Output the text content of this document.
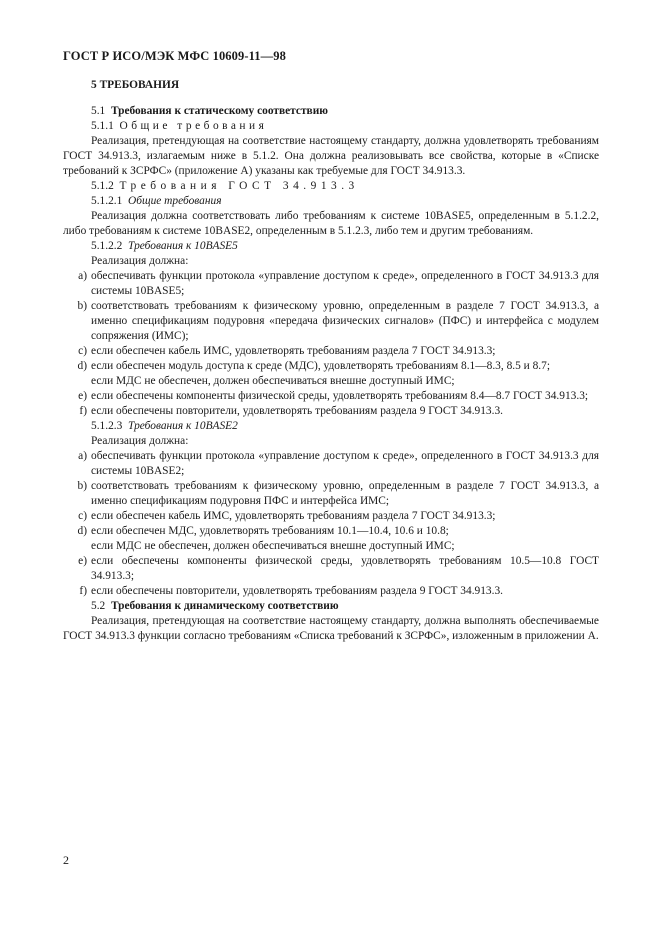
ГОСТ Р ИСО/МЭК МФС 10609-11—98

5 ТРЕБОВАНИЯ

5.1 Требования к статическому соответствию

5.1.1 Общие требования

Реализация, претендующая на соответствие настоящему стандарту, должна удовлетворять требованиям ГОСТ 34.913.3, излагаемым ниже в 5.1.2. Она должна реализовывать все свойства, которые в «Списке требований к ЗСРФС» (приложение А) указаны как требуемые для ГОСТ 34.913.3.

5.1.2 Требования ГОСТ 34.913.3

5.1.2.1 Общие требования

Реализация должна соответствовать либо требованиям к системе 10BASE5, определенным в 5.1.2.2, либо требованиям к системе 10BASE2, определенным в 5.1.2.3, либо тем и другим требованиям.

5.1.2.2 Требования к 10BASE5

Реализация должна:

а) обеспечивать функции протокола «управление доступом к среде», определенного в ГОСТ 34.913.3 для системы 10BASE5;
b) соответствовать требованиям к физическому уровню, определенным в разделе 7 ГОСТ 34.913.3, а именно спецификациям подуровня «передача физических сигналов» (ПФС) и интерфейса с модулем сопряжения (ИМС);
с) если обеспечен кабель ИМС, удовлетворять требованиям раздела 7 ГОСТ 34.913.3;
d) если обеспечен модуль доступа к среде (МДС), удовлетворять требованиям 8.1—8.3, 8.5 и 8.7;
если МДС не обеспечен, должен обеспечиваться внешне доступный ИМС;
е) если обеспечены компоненты физической среды, удовлетворять требованиям 8.4—8.7 ГОСТ 34.913.3;
f) если обеспечены повторители, удовлетворять требованиям раздела 9 ГОСТ 34.913.3.

5.1.2.3 Требования к 10BASE2

Реализация должна:

а) обеспечивать функции протокола «управление доступом к среде», определенного в ГОСТ 34.913.3 для системы 10BASE2;
b) соответствовать требованиям к физическому уровню, определенным в разделе 7 ГОСТ 34.913.3, а именно спецификациям подуровня ПФС и интерфейса ИМС;
с) если обеспечен кабель ИМС, удовлетворять требованиям раздела 7 ГОСТ 34.913.3;
d) если обеспечен МДС, удовлетворять требованиям 10.1—10.4, 10.6 и 10.8;
если МДС не обеспечен, должен обеспечиваться внешне доступный ИМС;
е) если обеспечены компоненты физической среды, удовлетворять требованиям 10.5—10.8 ГОСТ 34.913.3;
f) если обеспечены повторители, удовлетворять требованиям раздела 9 ГОСТ 34.913.3.

5.2 Требования к динамическому соответствию

Реализация, претендующая на соответствие настоящему стандарту, должна выполнять обеспечиваемые ГОСТ 34.913.3 функции согласно требованиям «Списка требований к ЗСРФС», изложенным в приложении А.

2
